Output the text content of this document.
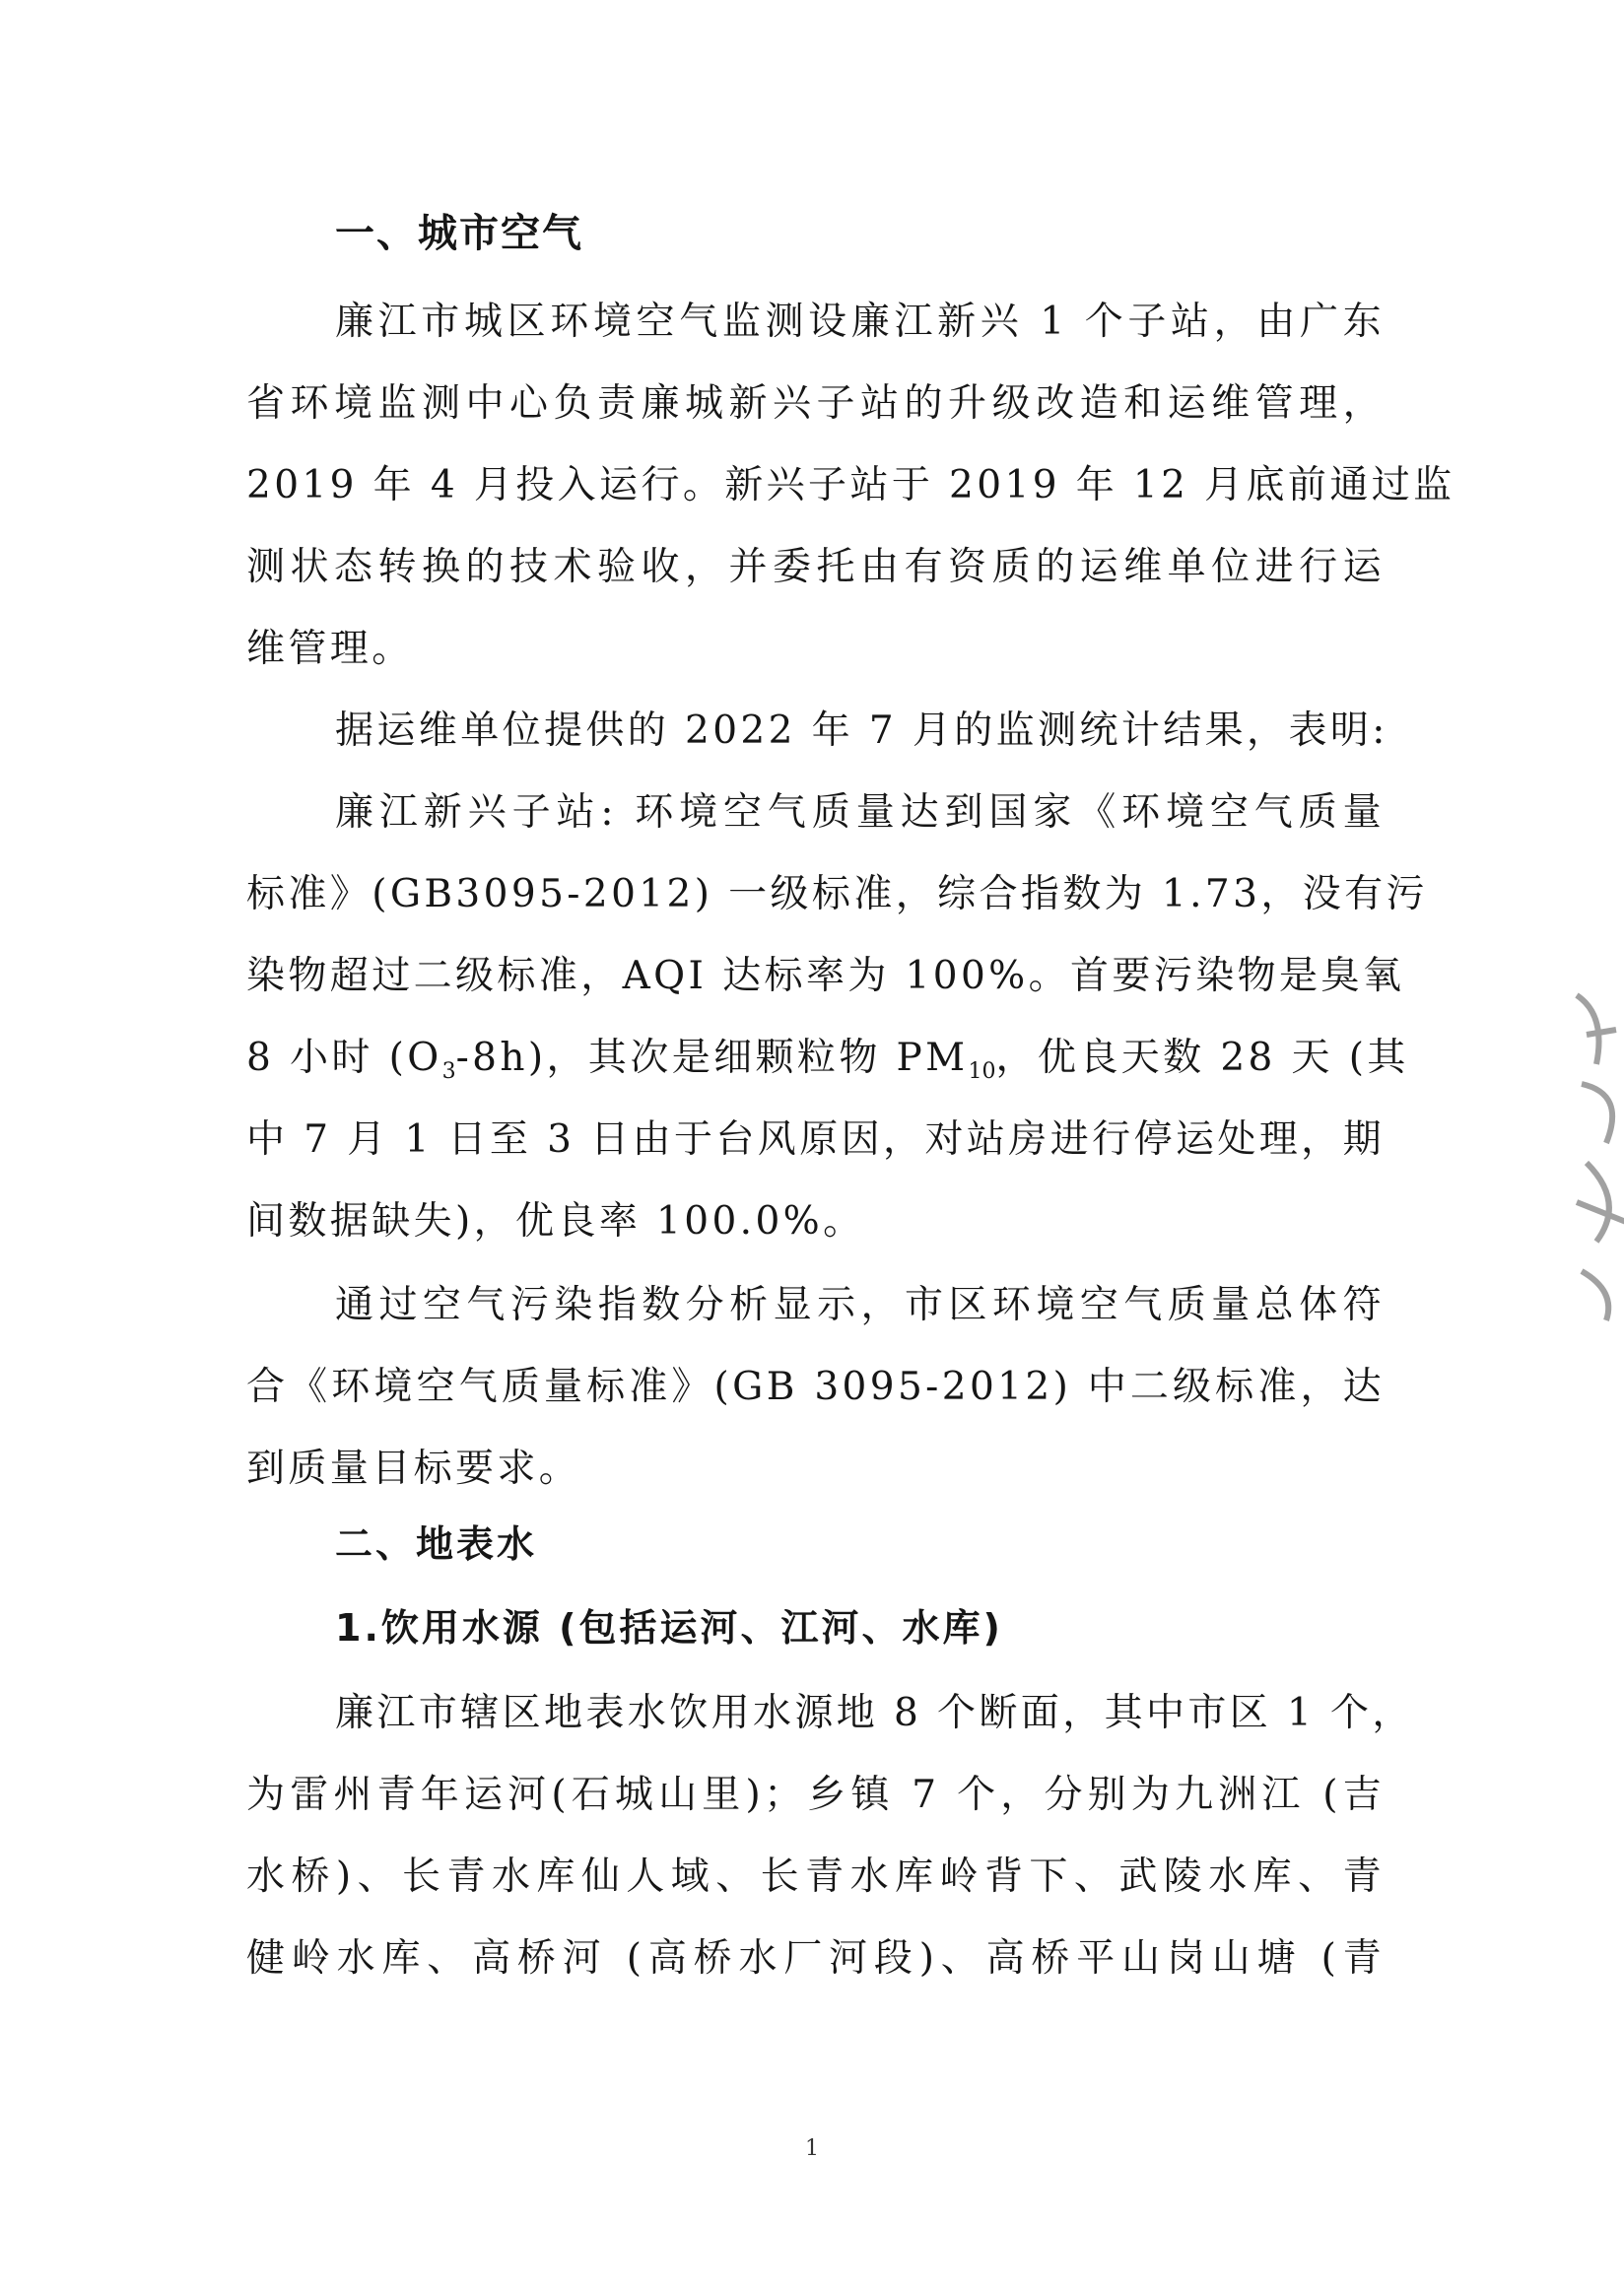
一、城市空气
廉江市城区环境空气监测设廉江新兴 1 个子站，由广东
省环境监测中心负责廉城新兴子站的升级改造和运维管理，
2019 年 4 月投入运行。新兴子站于 2019 年 12 月底前通过监
测状态转换的技术验收，并委托由有资质的运维单位进行运
维管理。
据运维单位提供的 2022 年 7 月的监测统计结果，表明:
廉江新兴子站: 环境空气质量达到国家《环境空气质量
标准》(GB3095-2012) 一级标准，综合指数为 1.73，没有污
染物超过二级标准，AQI 达标率为 100%。首要污染物是臭氧
8 小时 $(O_3-8h)$，其次是细颗粒物 $PM_{10}$，优良天数 28 天 (其
中 7 月 1 日至 3 日由于台风原因，对站房进行停运处理，期
间数据缺失)，优良率 100.0%。
通过空气污染指数分析显示，市区环境空气质量总体符
合《环境空气质量标准》(GB 3095-2012) 中二级标准，达
到质量目标要求。
二、地表水
1.饮用水源 (包括运河、江河、水库)
廉江市辖区地表水饮用水源地 8 个断面，其中市区 1 个，
为雷州青年运河(石城山里)；乡镇 7 个，分别为九洲江 (吉
水桥)、长青水库仙人域、长青水库岭背下、武陵水库、青
健岭水库、高桥河 (高桥水厂河段)、高桥平山岗山塘 (青
1
